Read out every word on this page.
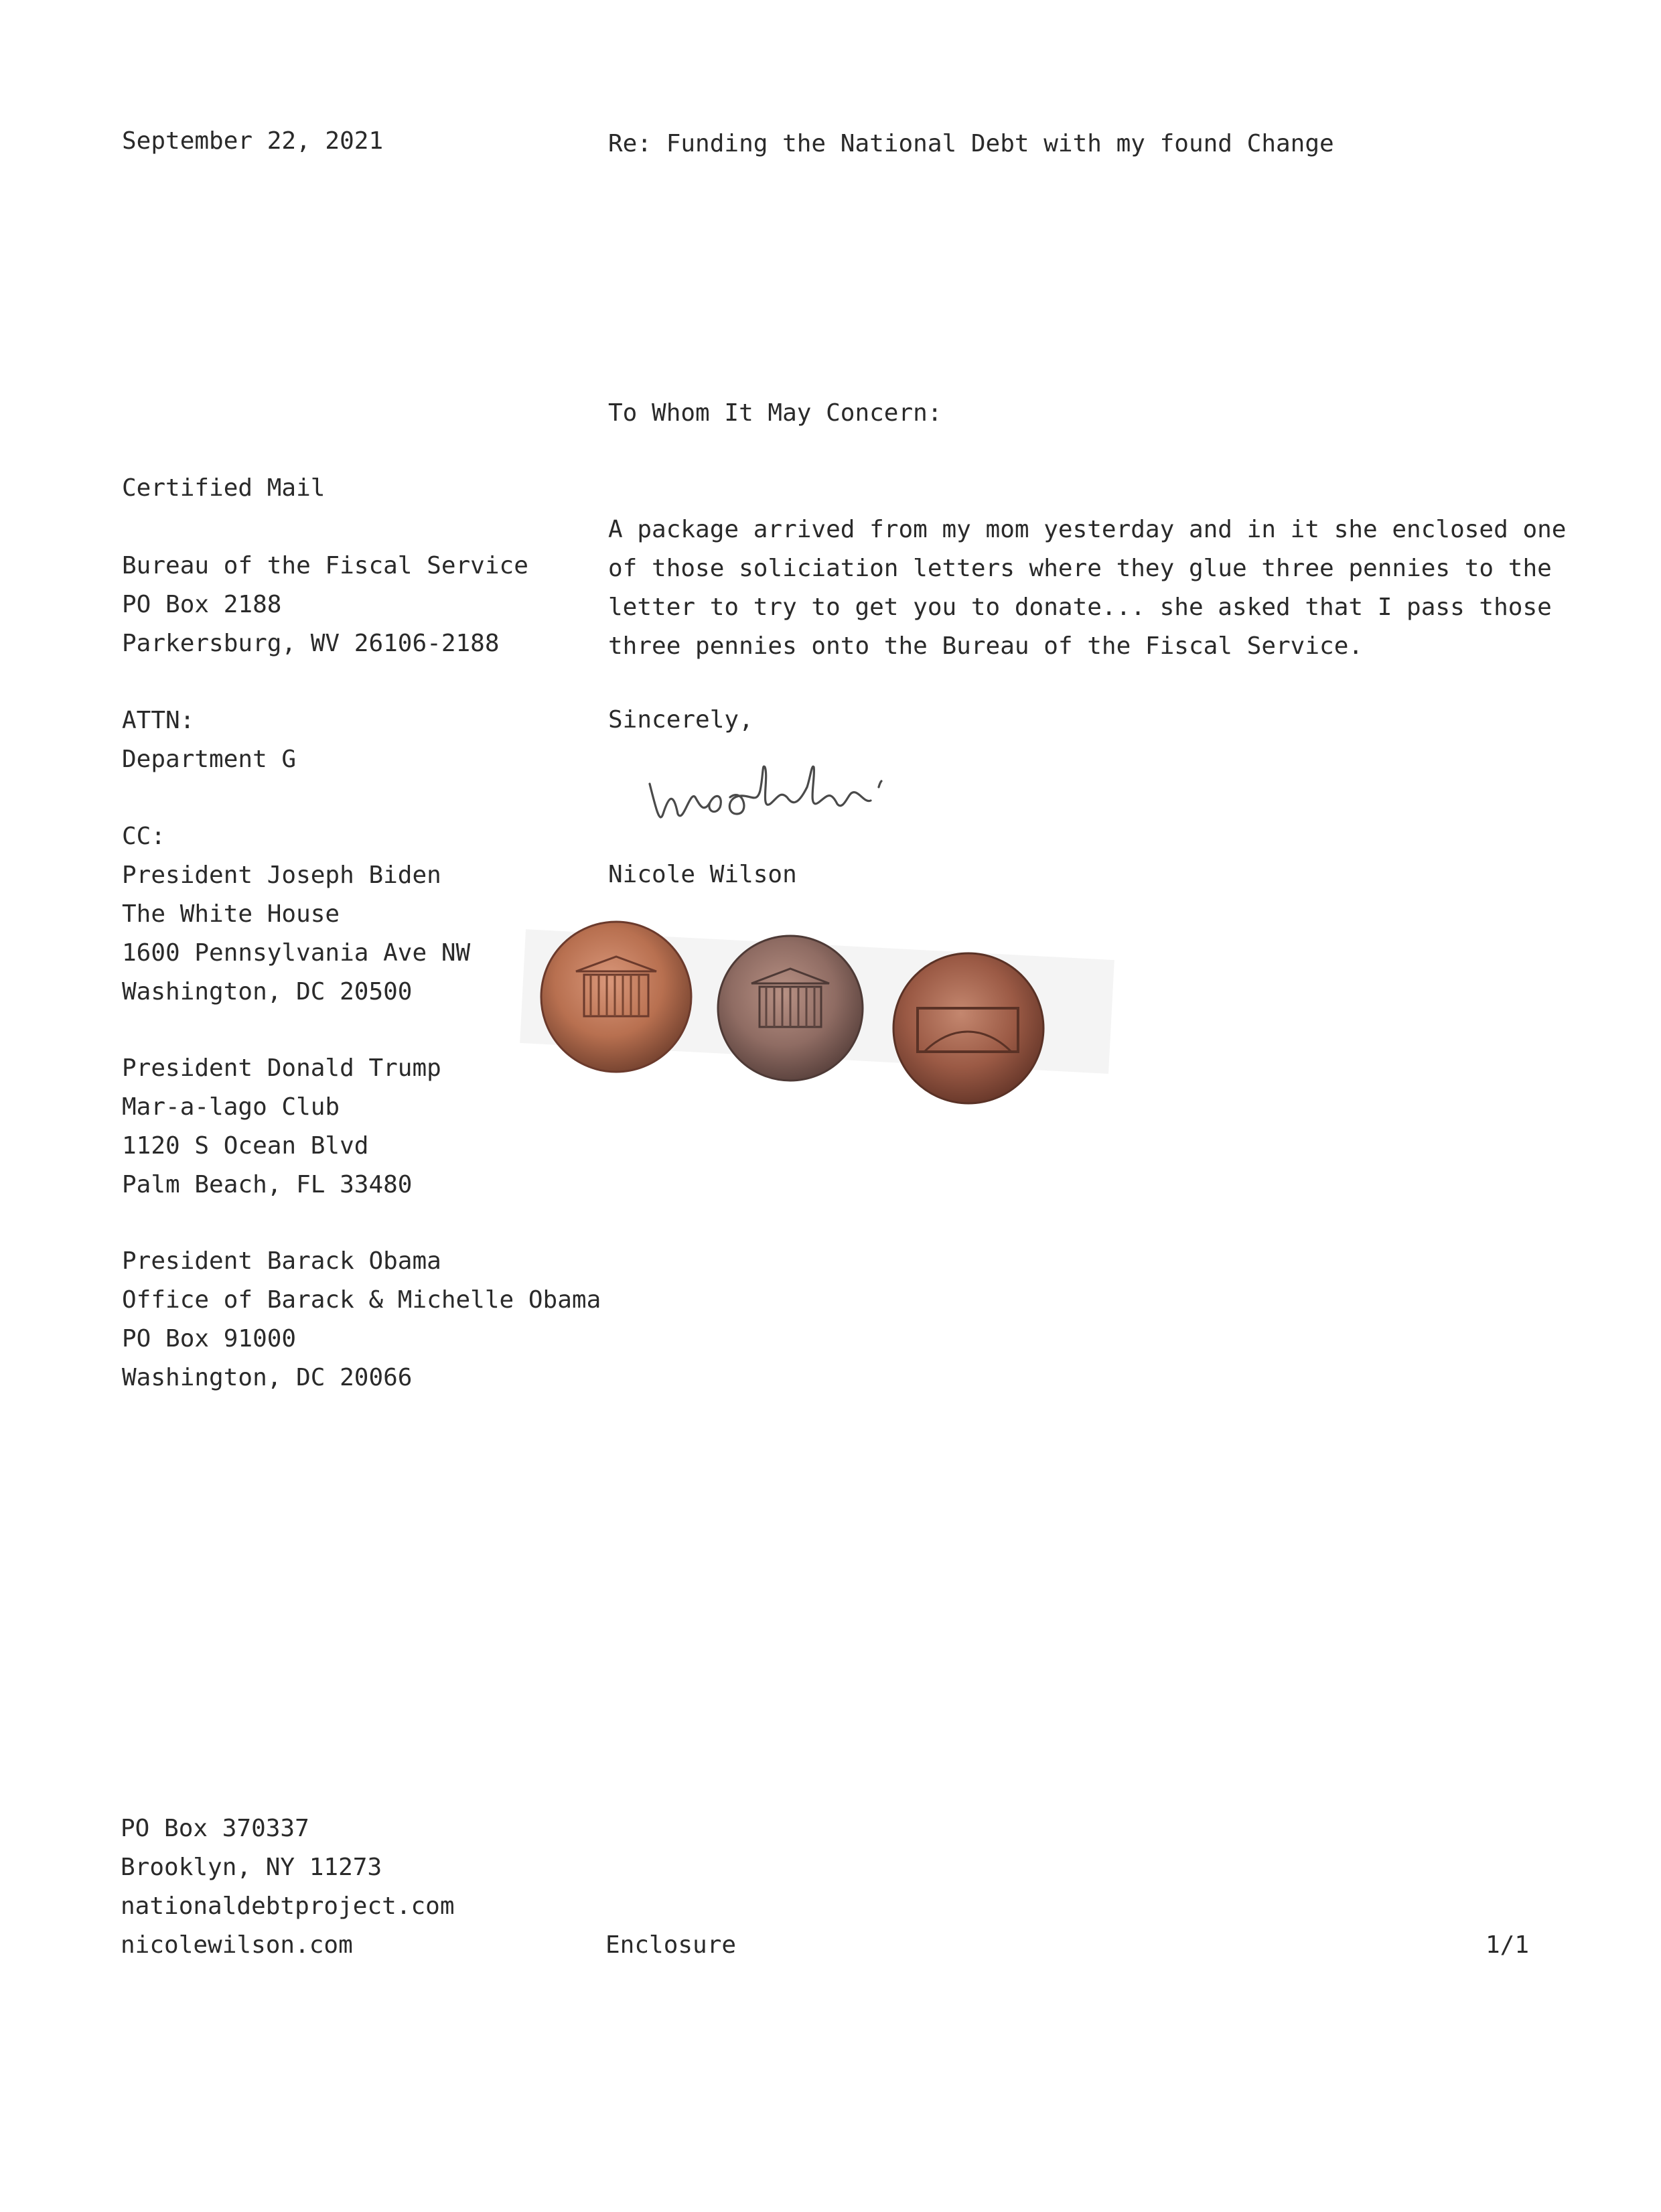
September 22, 2021	Re: Funding the National Debt with my found Change
To Whom It May Concern:
Certified Mail
Bureau of the Fiscal Service
PO Box 2188
Parkersburg, WV 26106-2188
ATTN:
Department G
CC:
President Joseph Biden
The White House
1600 Pennsylvania Ave NW
Washington, DC 20500
President Donald Trump
Mar-a-lago Club
1120 S Ocean Blvd
Palm Beach, FL 33480
President Barack Obama
Office of Barack & Michelle Obama
PO Box 91000
Washington, DC 20066
A package arrived from my mom yesterday and in it she enclosed one
of those soliciation letters where they glue three pennies to the
letter to try to get you to donate... she asked that I pass those
three pennies onto the Bureau of the Fiscal Service.
Sincerely,
Nicole Wilson
PO Box 370337
Brooklyn, NY 11273
nationaldebtproject.com
nicolewilson.com	Enclosure	1/1
